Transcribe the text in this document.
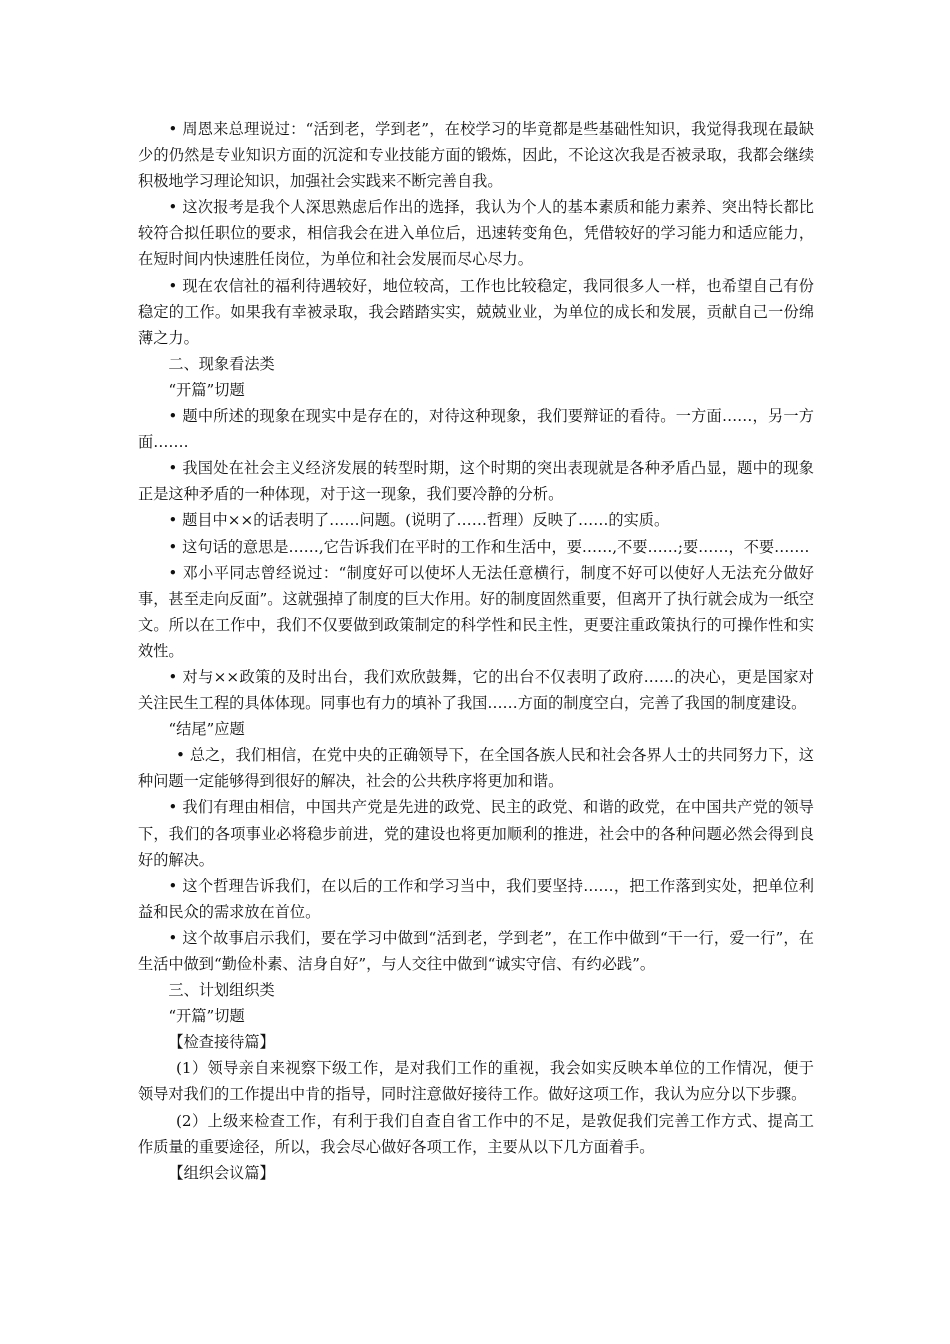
• 周恩来总理说过：“活到老，学到老”，在校学习的毕竟都是些基础性知识，我觉得我现在最缺少的仍然是专业知识方面的沉淀和专业技能方面的锻炼，因此，不论这次我是否被录取，我都会继续积极地学习理论知识，加强社会实践来不断完善自我。

• 这次报考是我个人深思熟虑后作出的选择，我认为个人的基本素质和能力素养、突出特长都比较符合拟任职位的要求，相信我会在进入单位后，迅速转变角色，凭借较好的学习能力和适应能力，在短时间内快速胜任岗位，为单位和社会发展而尽心尽力。

• 现在农信社的福利待遇较好，地位较高，工作也比较稳定，我同很多人一样，也希望自己有份稳定的工作。如果我有幸被录取，我会踏踏实实，兢兢业业，为单位的成长和发展，贡献自己一份绵薄之力。

二、现象看法类

“开篇”切题

• 题中所述的现象在现实中是存在的，对待这种现象，我们要辩证的看待。一方面……，另一方面…….

• 我国处在社会主义经济发展的转型时期，这个时期的突出表现就是各种矛盾凸显，题中的现象正是这种矛盾的一种体现，对于这一现象，我们要冷静的分析。

• 题目中××的话表明了……问题。(说明了……哲理）反映了……的实质。

• 这句话的意思是……,它告诉我们在平时的工作和生活中，要……,不要……;要……，不要…….

• 邓小平同志曾经说过：“制度好可以使坏人无法任意横行，制度不好可以使好人无法充分做好事，甚至走向反面”。这就强掉了制度的巨大作用。好的制度固然重要，但离开了执行就会成为一纸空文。所以在工作中，我们不仅要做到政策制定的科学性和民主性，更要注重政策执行的可操作性和实效性。

• 对与××政策的及时出台，我们欢欣鼓舞，它的出台不仅表明了政府……的决心，更是国家对关注民生工程的具体体现。同事也有力的填补了我国……方面的制度空白，完善了我国的制度建设。

“结尾”应题

• 总之，我们相信，在党中央的正确领导下，在全国各族人民和社会各界人士的共同努力下，这种问题一定能够得到很好的解决，社会的公共秩序将更加和谐。

• 我们有理由相信，中国共产党是先进的政党、民主的政党、和谐的政党，在中国共产党的领导下，我们的各项事业必将稳步前进，党的建设也将更加顺利的推进，社会中的各种问题必然会得到良好的解决。

• 这个哲理告诉我们，在以后的工作和学习当中，我们要坚持……，把工作落到实处，把单位利益和民众的需求放在首位。

• 这个故事启示我们，要在学习中做到“活到老，学到老”，在工作中做到“干一行，爱一行”，在生活中做到“勤俭朴素、洁身自好”，与人交往中做到“诚实守信、有约必践”。

三、计划组织类

“开篇”切题

【检查接待篇】

(1）领导亲自来视察下级工作，是对我们工作的重视，我会如实反映本单位的工作情况，便于领导对我们的工作提出中肯的指导，同时注意做好接待工作。做好这项工作，我认为应分以下步骤。

(2）上级来检查工作，有利于我们自查自省工作中的不足，是敦促我们完善工作方式、提高工作质量的重要途径，所以，我会尽心做好各项工作，主要从以下几方面着手。

【组织会议篇】
